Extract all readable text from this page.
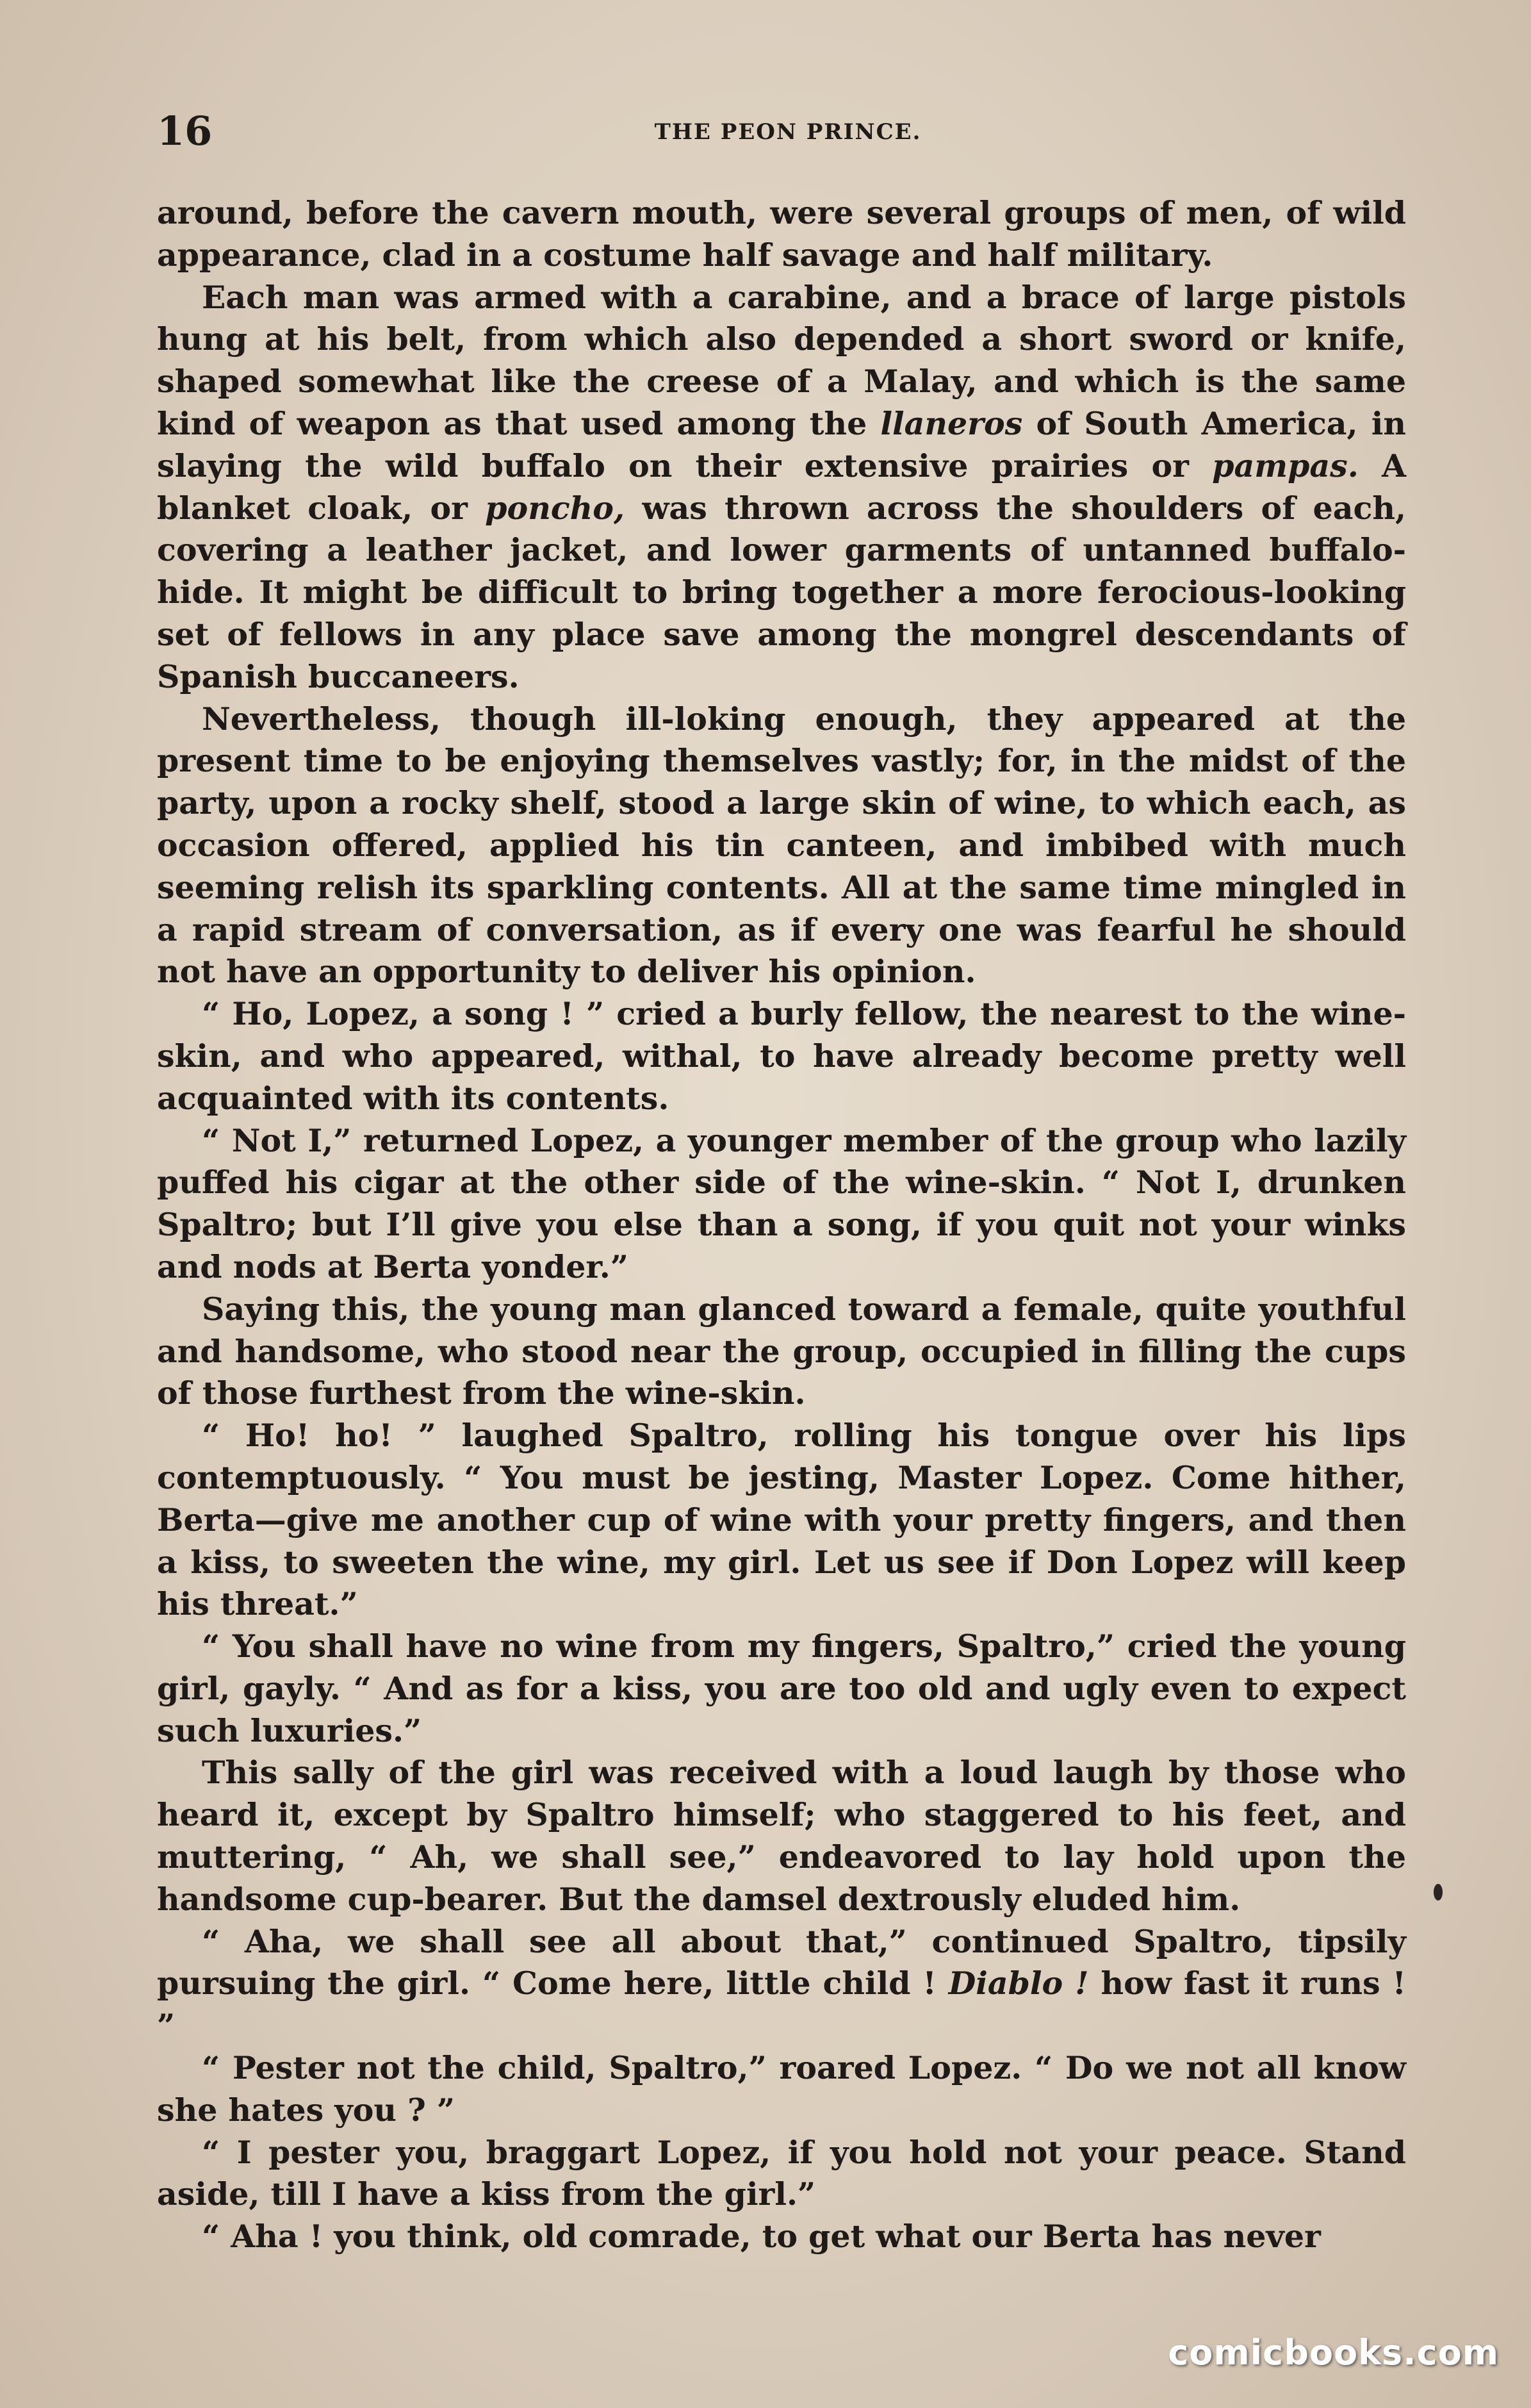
16	THE PEON PRINCE.

around, before the cavern mouth, were several groups of men, of wild appearance, clad in a costume half savage and half military.

Each man was armed with a carabine, and a brace of large pistols hung at his belt, from which also depended a short sword or knife, shaped somewhat like the creese of a Malay, and which is the same kind of weapon as that used among the llaneros of South America, in slaying the wild buffalo on their extensive prairies or pampas. A blanket cloak, or poncho, was thrown across the shoulders of each, covering a leather jacket, and lower garments of untanned buffalo-hide. It might be difficult to bring together a more ferocious-looking set of fellows in any place save among the mongrel descendants of Spanish buccaneers.

Nevertheless, though ill-loking enough, they appeared at the present time to be enjoying themselves vastly; for, in the midst of the party, upon a rocky shelf, stood a large skin of wine, to which each, as occasion offered, applied his tin canteen, and imbibed with much seeming relish its sparkling contents. All at the same time mingled in a rapid stream of conversation, as if every one was fearful he should not have an opportunity to deliver his opinion.

“ Ho, Lopez, a song ! ” cried a burly fellow, the nearest to the wine-skin, and who appeared, withal, to have already become pretty well acquainted with its contents.

“ Not I,” returned Lopez, a younger member of the group who lazily puffed his cigar at the other side of the wine-skin. “ Not I, drunken Spaltro; but I’ll give you else than a song, if you quit not your winks and nods at Berta yonder.”

Saying this, the young man glanced toward a female, quite youthful and handsome, who stood near the group, occupied in filling the cups of those furthest from the wine-skin.

“ Ho! ho! ” laughed Spaltro, rolling his tongue over his lips contemptuously. “ You must be jesting, Master Lopez. Come hither, Berta—give me another cup of wine with your pretty fingers, and then a kiss, to sweeten the wine, my girl. Let us see if Don Lopez will keep his threat.”

“ You shall have no wine from my fingers, Spaltro,” cried the young girl, gayly. “ And as for a kiss, you are too old and ugly even to expect such luxuries.”

This sally of the girl was received with a loud laugh by those who heard it, except by Spaltro himself; who staggered to his feet, and muttering, “ Ah, we shall see,” endeavored to lay hold upon the handsome cup-bearer. But the damsel dextrously eluded him.

“ Aha, we shall see all about that,” continued Spaltro, tipsily pursuing the girl. “ Come here, little child ! Diablo ! how fast it runs ! ”

“ Pester not the child, Spaltro,” roared Lopez. “ Do we not all know she hates you ? ”

“ I pester you, braggart Lopez, if you hold not your peace. Stand aside, till I have a kiss from the girl.”

“ Aha ! you think, old comrade, to get what our Berta has never

comicbooks.com
